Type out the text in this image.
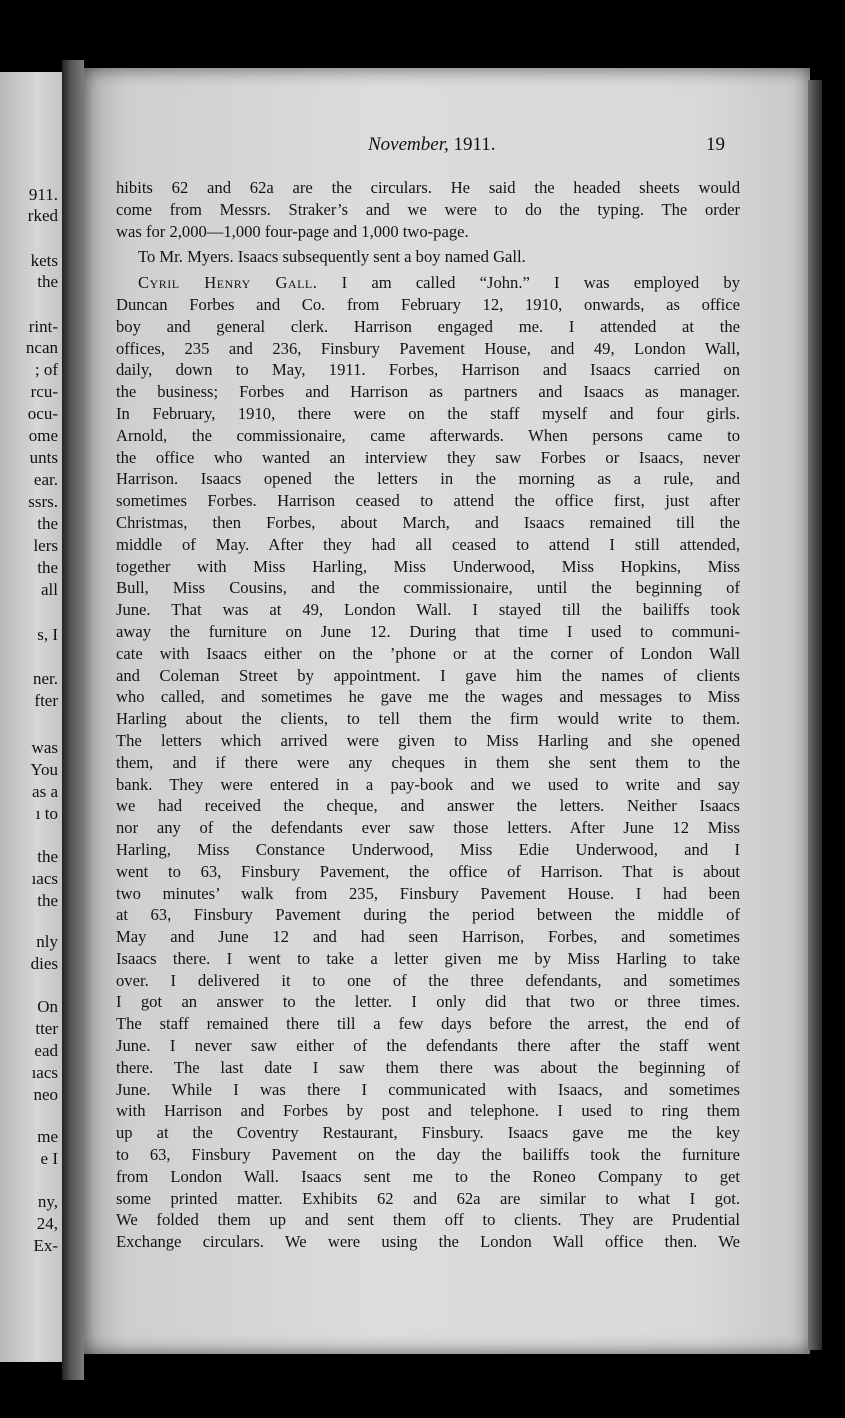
911.
rked
kets
the
rint-
ncan
; of
rcu-
ocu-
ome
unts
ear.
ssrs.
the
lers
the
all
s, I
ner.
fter
was
You
as a
ı to
the
ıacs
the
nly
dies
On
tter
ead
ıacs
neo
me
e I
ny,
24,
Ex-
November, 1911.	19
hibits 62 and 62a are the circulars. He said the headed sheets would
come from Messrs. Straker’s and we were to do the typing. The order
was for 2,000—1,000 four-page and 1,000 two-page.
To Mr. Myers. Isaacs subsequently sent a boy named Gall.
Cyril Henry Gall. I am called “John.” I was employed by
Duncan Forbes and Co. from February 12, 1910, onwards, as office
boy and general clerk. Harrison engaged me. I attended at the
offices, 235 and 236, Finsbury Pavement House, and 49, London Wall,
daily, down to May, 1911. Forbes, Harrison and Isaacs carried on
the business; Forbes and Harrison as partners and Isaacs as manager.
In February, 1910, there were on the staff myself and four girls.
Arnold, the commissionaire, came afterwards. When persons came to
the office who wanted an interview they saw Forbes or Isaacs, never
Harrison. Isaacs opened the letters in the morning as a rule, and
sometimes Forbes. Harrison ceased to attend the office first, just after
Christmas, then Forbes, about March, and Isaacs remained till the
middle of May. After they had all ceased to attend I still attended,
together with Miss Harling, Miss Underwood, Miss Hopkins, Miss
Bull, Miss Cousins, and the commissionaire, until the beginning of
June. That was at 49, London Wall. I stayed till the bailiffs took
away the furniture on June 12. During that time I used to communi-
cate with Isaacs either on the ’phone or at the corner of London Wall
and Coleman Street by appointment. I gave him the names of clients
who called, and sometimes he gave me the wages and messages to Miss
Harling about the clients, to tell them the firm would write to them.
The letters which arrived were given to Miss Harling and she opened
them, and if there were any cheques in them she sent them to the
bank. They were entered in a pay-book and we used to write and say
we had received the cheque, and answer the letters. Neither Isaacs
nor any of the defendants ever saw those letters. After June 12 Miss
Harling, Miss Constance Underwood, Miss Edie Underwood, and I
went to 63, Finsbury Pavement, the office of Harrison. That is about
two minutes’ walk from 235, Finsbury Pavement House. I had been
at 63, Finsbury Pavement during the period between the middle of
May and June 12 and had seen Harrison, Forbes, and sometimes
Isaacs there. I went to take a letter given me by Miss Harling to take
over. I delivered it to one of the three defendants, and sometimes
I got an answer to the letter. I only did that two or three times.
The staff remained there till a few days before the arrest, the end of
June. I never saw either of the defendants there after the staff went
there. The last date I saw them there was about the beginning of
June. While I was there I communicated with Isaacs, and sometimes
with Harrison and Forbes by post and telephone. I used to ring them
up at the Coventry Restaurant, Finsbury. Isaacs gave me the key
to 63, Finsbury Pavement on the day the bailiffs took the furniture
from London Wall. Isaacs sent me to the Roneo Company to get
some printed matter. Exhibits 62 and 62a are similar to what I got.
We folded them up and sent them off to clients. They are Prudential
Exchange circulars. We were using the London Wall office then. We
